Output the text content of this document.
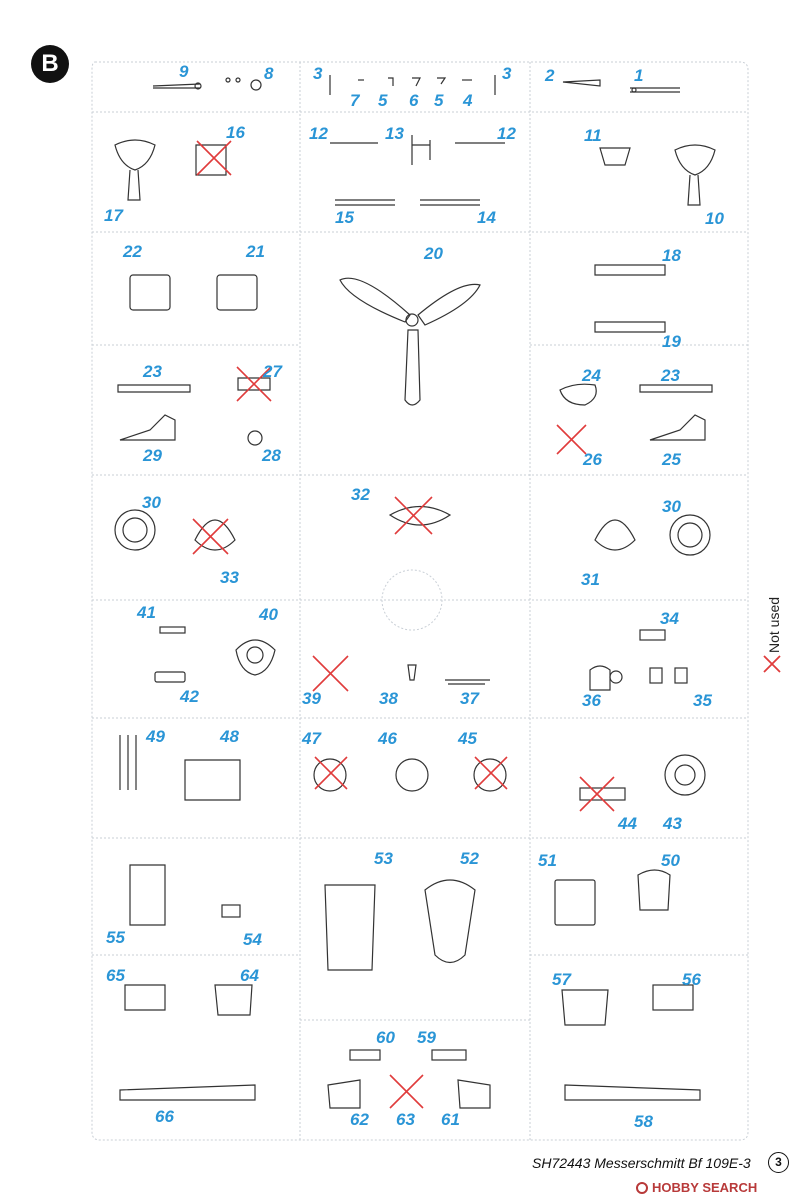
B	9	8 3
7 5 6 5 4
3 2	1
16	12	13	12	11
17	15	14	10
22	21	20	18
19
23	27	24	23
29	28	26	25
30	32
30
33	31
41	40	34
42	39	38	37	36	35
49	48	47	46	45
44 43
53	52	51	50
55	54
65	64	57	56
60 59
66	62 63 61	58
Not used
SH72443 Messerschmitt Bf 109E-3	3
HOBBY SEARCH
